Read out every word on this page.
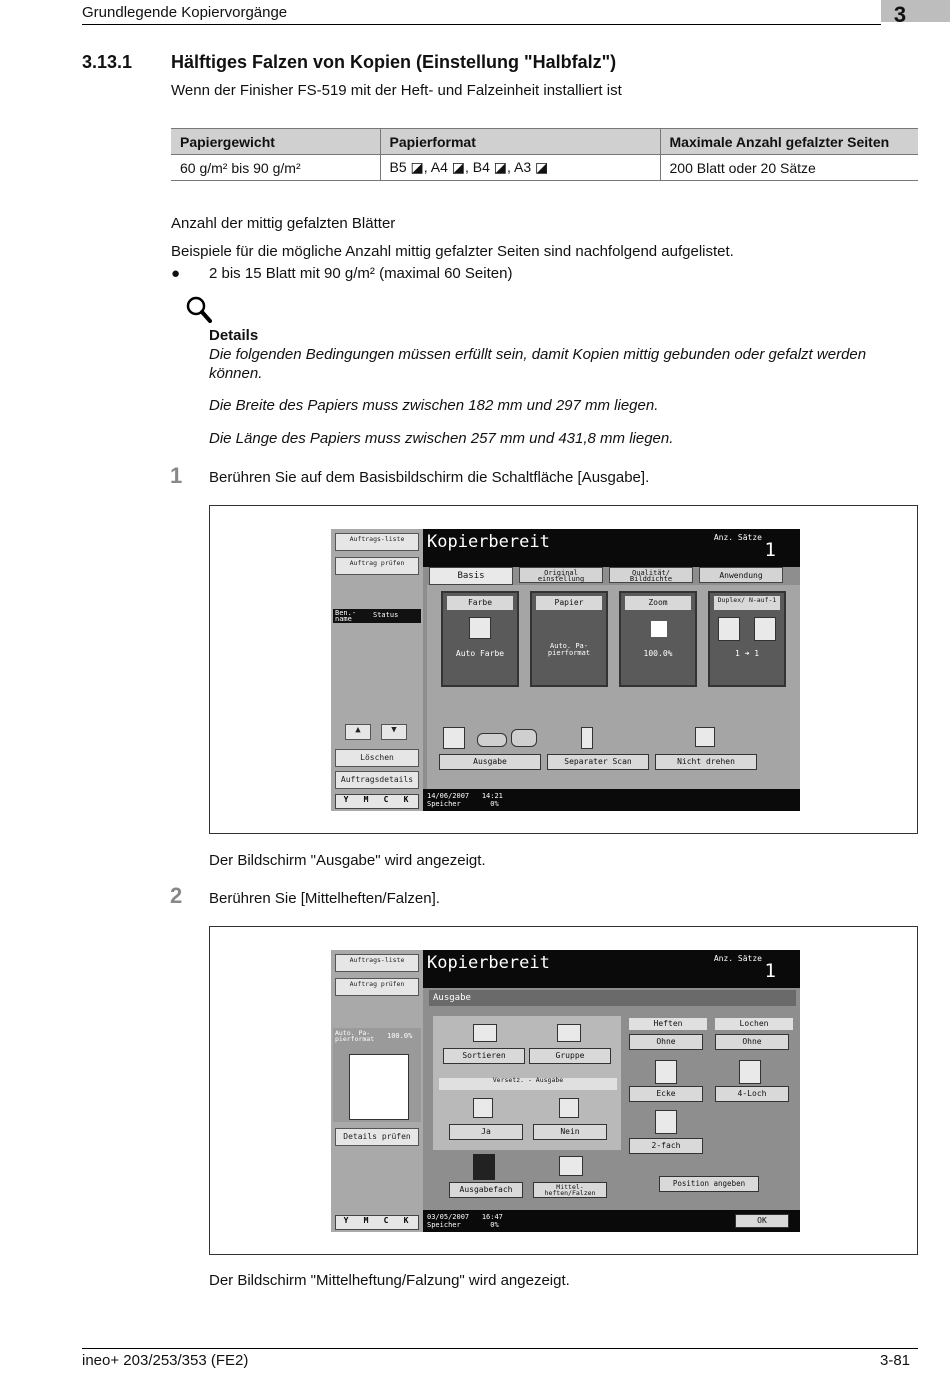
Grundlegende Kopiervorgänge	3
3.13.1 Hälftiges Falzen von Kopien (Einstellung "Halbfalz")
Wenn der Finisher FS-519 mit der Heft- und Falzeinheit installiert ist
Papiergewicht	Papierformat	Maximale Anzahl gefalzter Seiten
60 g/m² bis 90 g/m²	B5 ◪, A4 ◪, B4 ◪, A3 ◪	200 Blatt oder 20 Sätze
Anzahl der mittig gefalzten Blätter
Beispiele für die mögliche Anzahl mittig gefalzter Seiten sind nachfolgend aufgelistet.
● 2 bis 15 Blatt mit 90 g/m² (maximal 60 Seiten)
Details
Die folgenden Bedingungen müssen erfüllt sein, damit Kopien mittig gebunden oder gefalzt werden können.
Die Breite des Papiers muss zwischen 182 mm und 297 mm liegen.
Die Länge des Papiers muss zwischen 257 mm und 431,8 mm liegen.
1 Berühren Sie auf dem Basisbildschirm die Schaltfläche [Ausgabe].
Auftrags-liste
Auftrag prüfen
Ben.-name	Status
▲	▼
Löschen
Auftragsdetails
Y M C K
Kopierbereit	Anz. Sätze
1
Basis	Original einstellung
Qualität/ Bilddichte	Anwendung
Farbe
Auto Farbe
Papier
Auto. Pa- pierformat
Zoom
100.0%
Duplex/ N-auf-1
1 ➜ 1
Ausgabe	Separater Scan	Nicht drehen
14/06/2007 14:21
Speicher	0%
Der Bildschirm "Ausgabe" wird angezeigt.
2 Berühren Sie [Mittelheften/Falzen].
Auftrags-liste
Auftrag prüfen
Auto. Pa- pierformat 100.0%
Details prüfen
Y M C K
Kopierbereit	Anz. Sätze
1
Ausgabe
Sortieren	Gruppe
Versetz. - Ausgabe
Ja	Nein
Ausgabefach	Mittel- heften/Falzen
Heften	Lochen
Ohne	Ohne
Ecke	4-Loch
2-fach
Position angeben
03/05/2007 16:47
Speicher	0%	OK
Der Bildschirm "Mittelheftung/Falzung" wird angezeigt.
ineo+ 203/253/353 (FE2)	3-81
